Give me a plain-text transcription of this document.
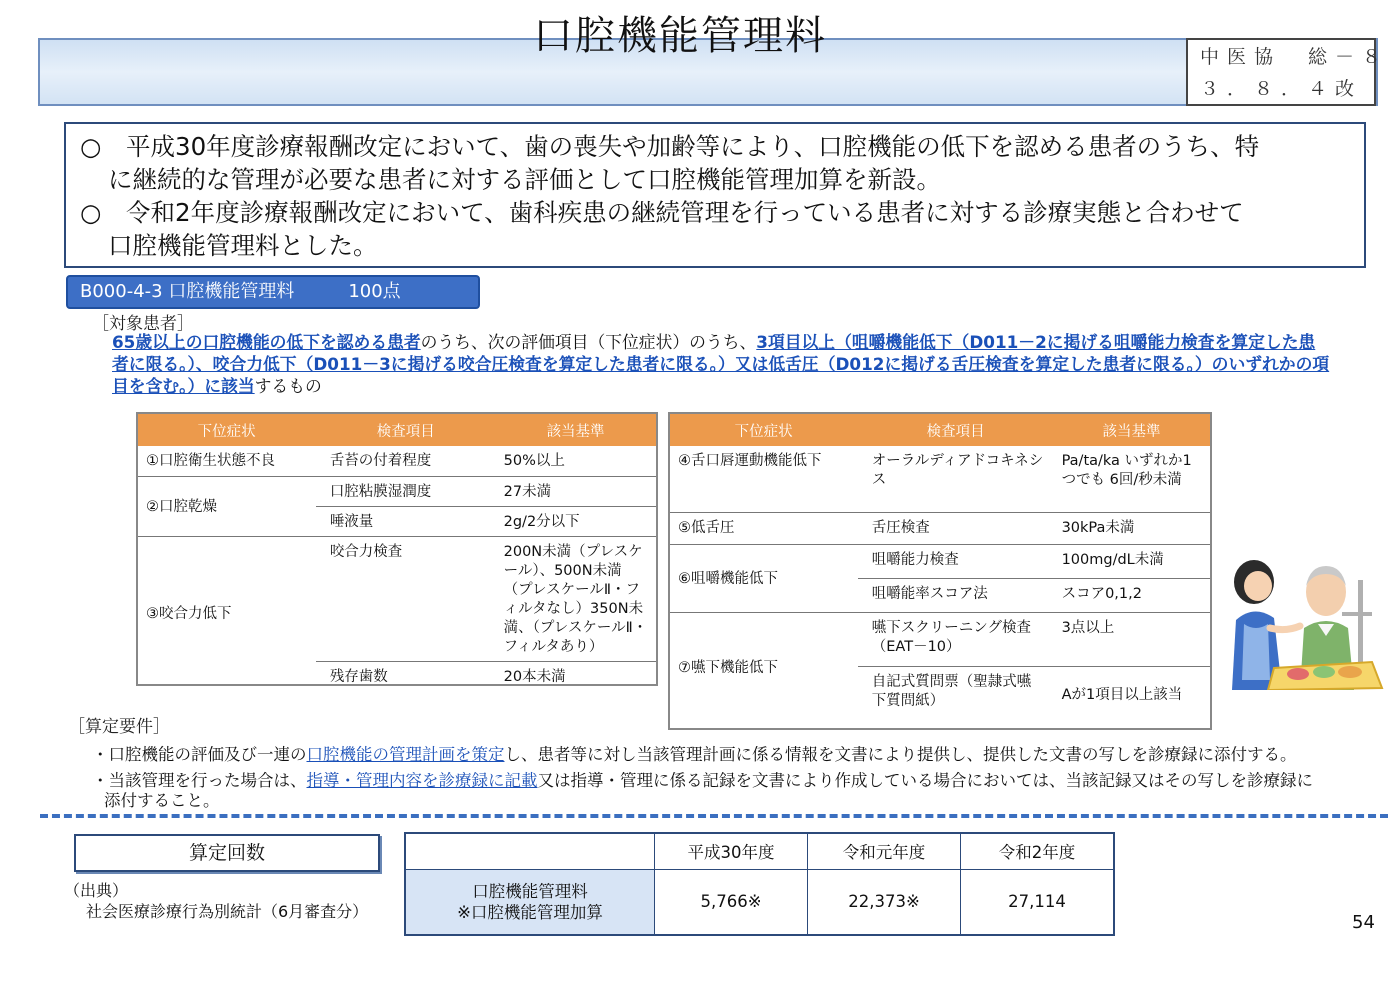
口腔機能管理料	中医協　総－８
３．８．４改
○ 平成30年度診療報酬改定において、歯の喪失や加齢等により、口腔機能の低下を認める患者のうち、特
に継続的な管理が必要な患者に対する評価として口腔機能管理加算を新設。
○ 令和2年度診療報酬改定において、歯科疾患の継続管理を行っている患者に対する診療実態と合わせて
口腔機能管理料とした。
B000-4-3 口腔機能管理料　　　100点
［対象患者］
65歳以上の口腔機能の低下を認める患者のうち、次の評価項目（下位症状）のうち、3項目以上（咀嚼機能低下（D011－2に掲げる咀嚼能力検査を算定した患者に限る。）、咬合力低下（D011－3に掲げる咬合圧検査を算定した患者に限る。）又は低舌圧（D012に掲げる舌圧検査を算定した患者に限る。）のいずれかの項目を含む。）に該当するもの
下位症状	検査項目	該当基準
①口腔衛生状態不良	舌苔の付着程度	50%以上
②口腔乾燥	口腔粘膜湿潤度	27未満
	唾液量	2g/2分以下
③咬合力低下	咬合力検査	200N未満（プレスケール）、500N未満（プレスケールⅡ・フィルタなし）350N未満、（プレスケールⅡ・フィルタあり）
	残存歯数	20本未満
下位症状	検査項目	該当基準
④舌口唇運動機能低下	オーラルディアドコキネシス	Pa/ta/ka いずれか1つでも 6回/秒未満
⑤低舌圧	舌圧検査	30kPa未満
⑥咀嚼機能低下	咀嚼能力検査	100mg/dL未満
	咀嚼能率スコア法	スコア0,1,2
⑦嚥下機能低下	嚥下スクリーニング検査（EAT－10）	3点以上
	自記式質問票（聖隷式嚥下質問紙）	Aが1項目以上該当
［算定要件］
・口腔機能の評価及び一連の口腔機能の管理計画を策定し、患者等に対し当該管理計画に係る情報を文書により提供し、提供した文書の写しを診療録に添付する。
・当該管理を行った場合は、指導・管理内容を診療録に記載又は指導・管理に係る記録を文書により作成している場合においては、当該記録又はその写しを診療録に
添付すること。
算定回数
（出典）
社会医療診療行為別統計（6月審査分）
	平成30年度	令和元年度	令和2年度

口腔機能管理料
※口腔機能管理加算	5,766※	22,373※	27,114
54
